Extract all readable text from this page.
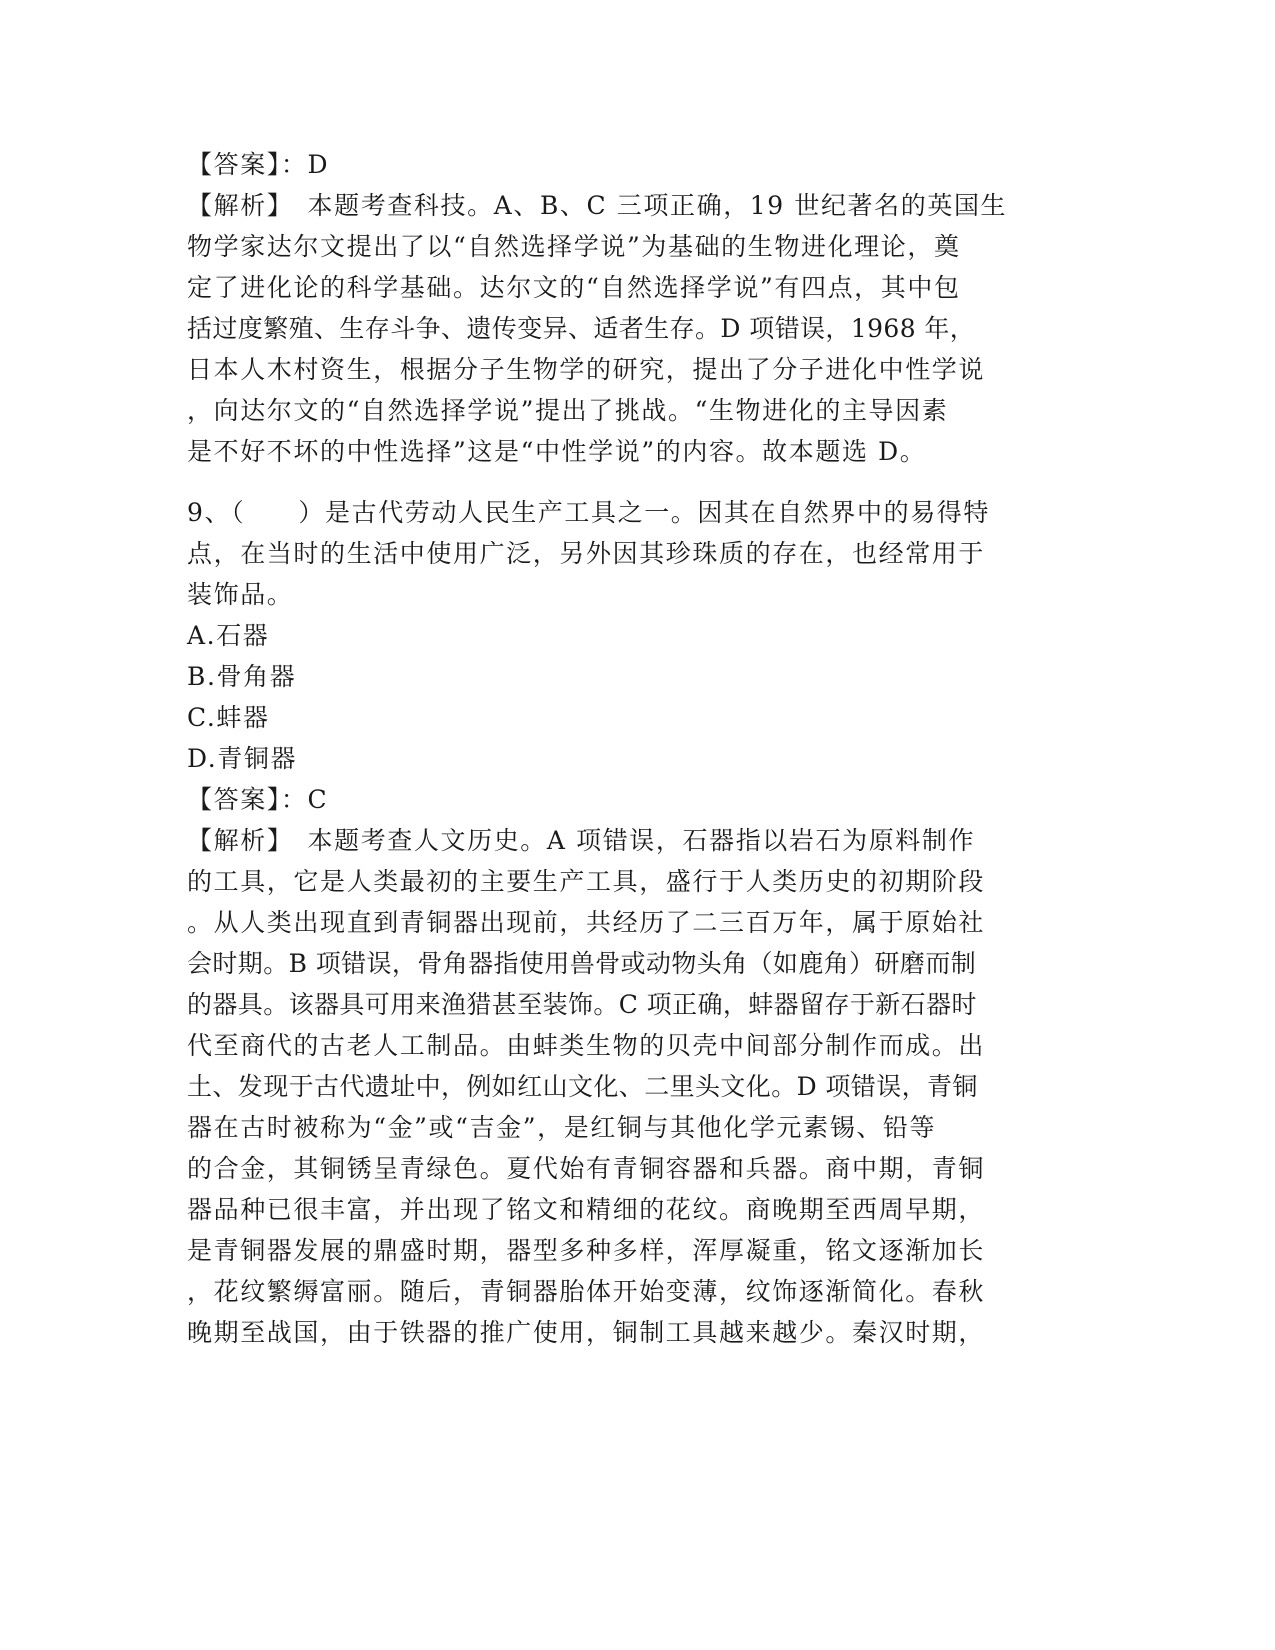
【答案】：D
【解析】　本题考查科技。A、B、C 三项正确，19 世纪著名的英国生
物学家达尔文提出了以“自然选择学说”为基础的生物进化理论，奠
定了进化论的科学基础。达尔文的“自然选择学说”有四点，其中包
括过度繁殖、生存斗争、遗传变异、适者生存。D 项错误，1968 年，
日本人木村资生，根据分子生物学的研究，提出了分子进化中性学说
，向达尔文的“自然选择学说”提出了挑战。“生物进化的主导因素
是不好不坏的中性选择”这是“中性学说”的内容。故本题选 D。
9、（　　）是古代劳动人民生产工具之一。因其在自然界中的易得特
点，在当时的生活中使用广泛，另外因其珍珠质的存在，也经常用于
装饰品。
A.石器
B.骨角器
C.蚌器
D.青铜器
【答案】：C
【解析】　本题考查人文历史。A 项错误，石器指以岩石为原料制作
的工具，它是人类最初的主要生产工具，盛行于人类历史的初期阶段
。从人类出现直到青铜器出现前，共经历了二三百万年，属于原始社
会时期。B 项错误，骨角器指使用兽骨或动物头角（如鹿角）研磨而制
的器具。该器具可用来渔猎甚至装饰。C 项正确，蚌器留存于新石器时
代至商代的古老人工制品。由蚌类生物的贝壳中间部分制作而成。出
土、发现于古代遗址中，例如红山文化、二里头文化。D 项错误，青铜
器在古时被称为“金”或“吉金”，是红铜与其他化学元素锡、铅等
的合金，其铜锈呈青绿色。夏代始有青铜容器和兵器。商中期，青铜
器品种已很丰富，并出现了铭文和精细的花纹。商晚期至西周早期，
是青铜器发展的鼎盛时期，器型多种多样，浑厚凝重，铭文逐渐加长
，花纹繁缛富丽。随后，青铜器胎体开始变薄，纹饰逐渐简化。春秋
晚期至战国，由于铁器的推广使用，铜制工具越来越少。秦汉时期，
